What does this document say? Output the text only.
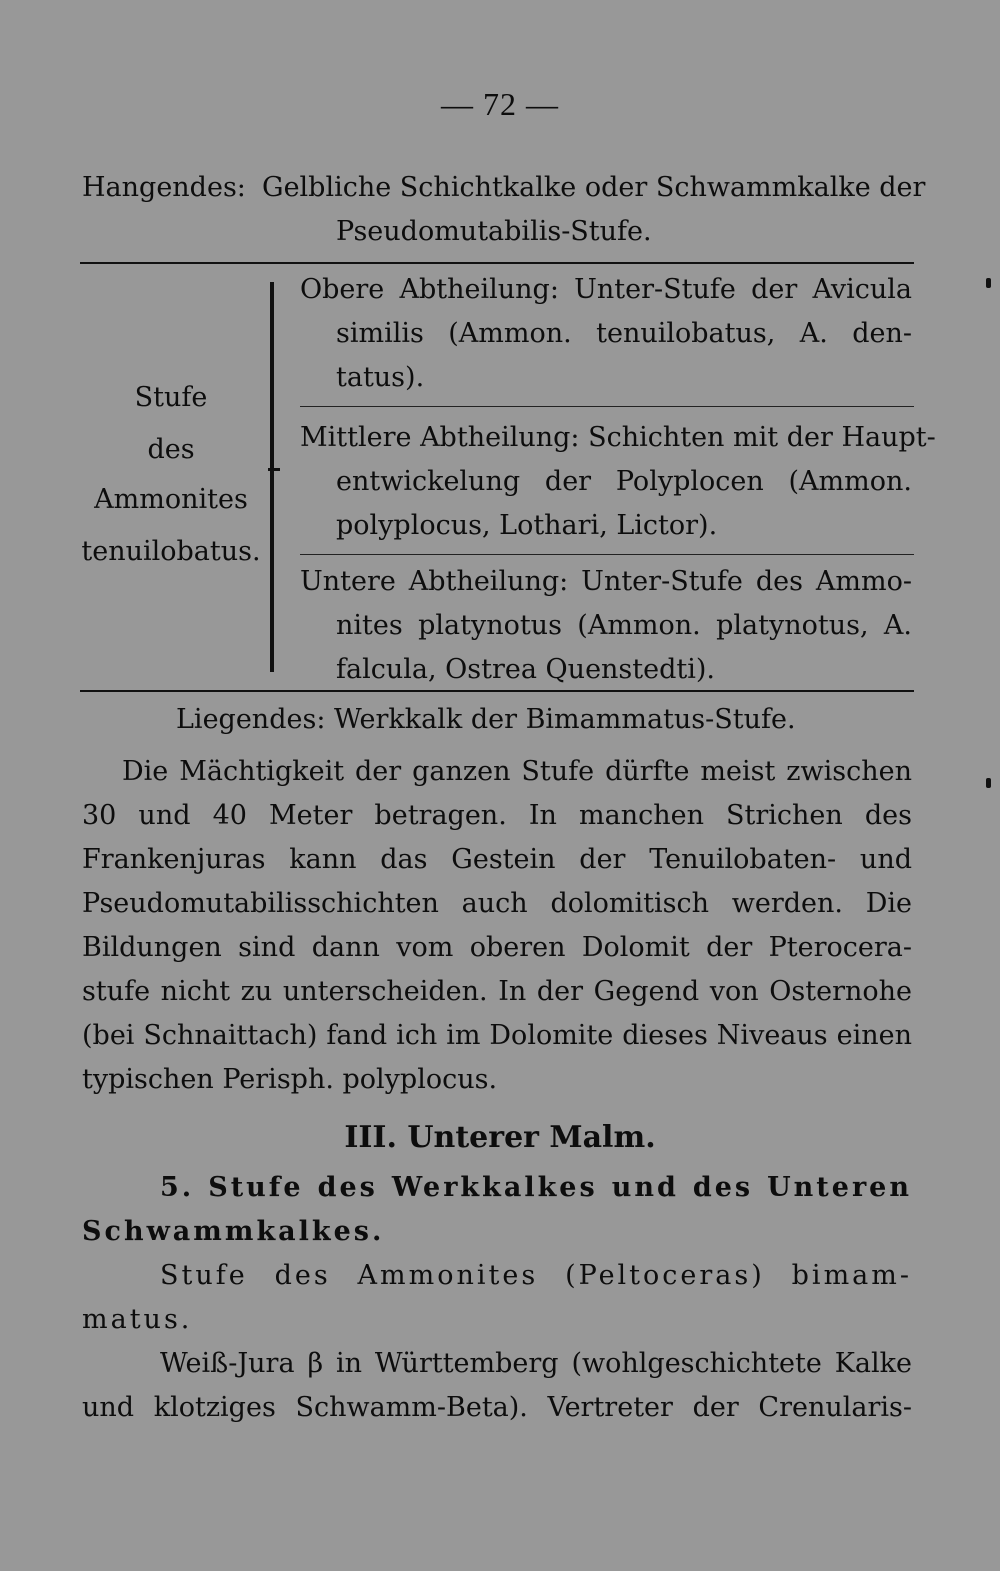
— 72 —
Hangendes: Gelbliche Schichtkalke oder Schwammkalke der
Pseudomutabilis-Stufe.
Stufe
des
Ammonites
tenuilobatus.
Obere Abtheilung: Unter-Stufe der Avicula
similis (Ammon. tenuilobatus, A. den-
tatus).
Mittlere Abtheilung: Schichten mit der Haupt-
entwickelung der Polyplocen (Ammon.
polyplocus, Lothari, Lictor).
Untere Abtheilung: Unter-Stufe des Ammo-
nites platynotus (Ammon. platynotus, A.
falcula, Ostrea Quenstedti).
Liegendes: Werkkalk der Bimammatus-Stufe.
Die Mächtigkeit der ganzen Stufe dürfte meist zwischen
30 und 40 Meter betragen. In manchen Strichen des
Frankenjuras kann das Gestein der Tenuilobaten- und
Pseudomutabilisschichten auch dolomitisch werden. Die
Bildungen sind dann vom oberen Dolomit der Pterocera-
stufe nicht zu unterscheiden. In der Gegend von Osternohe
(bei Schnaittach) fand ich im Dolomite dieses Niveaus einen
typischen Perisph. polyplocus.
III. Unterer Malm.
5. Stufe des Werkkalkes und des Unteren
Schwammkalkes.
Stufe des Ammonites (Peltoceras) bimam-
matus.
Weiß-Jura β in Württemberg (wohlgeschichtete Kalke
und klotziges Schwamm-Beta). Vertreter der Crenularis-
